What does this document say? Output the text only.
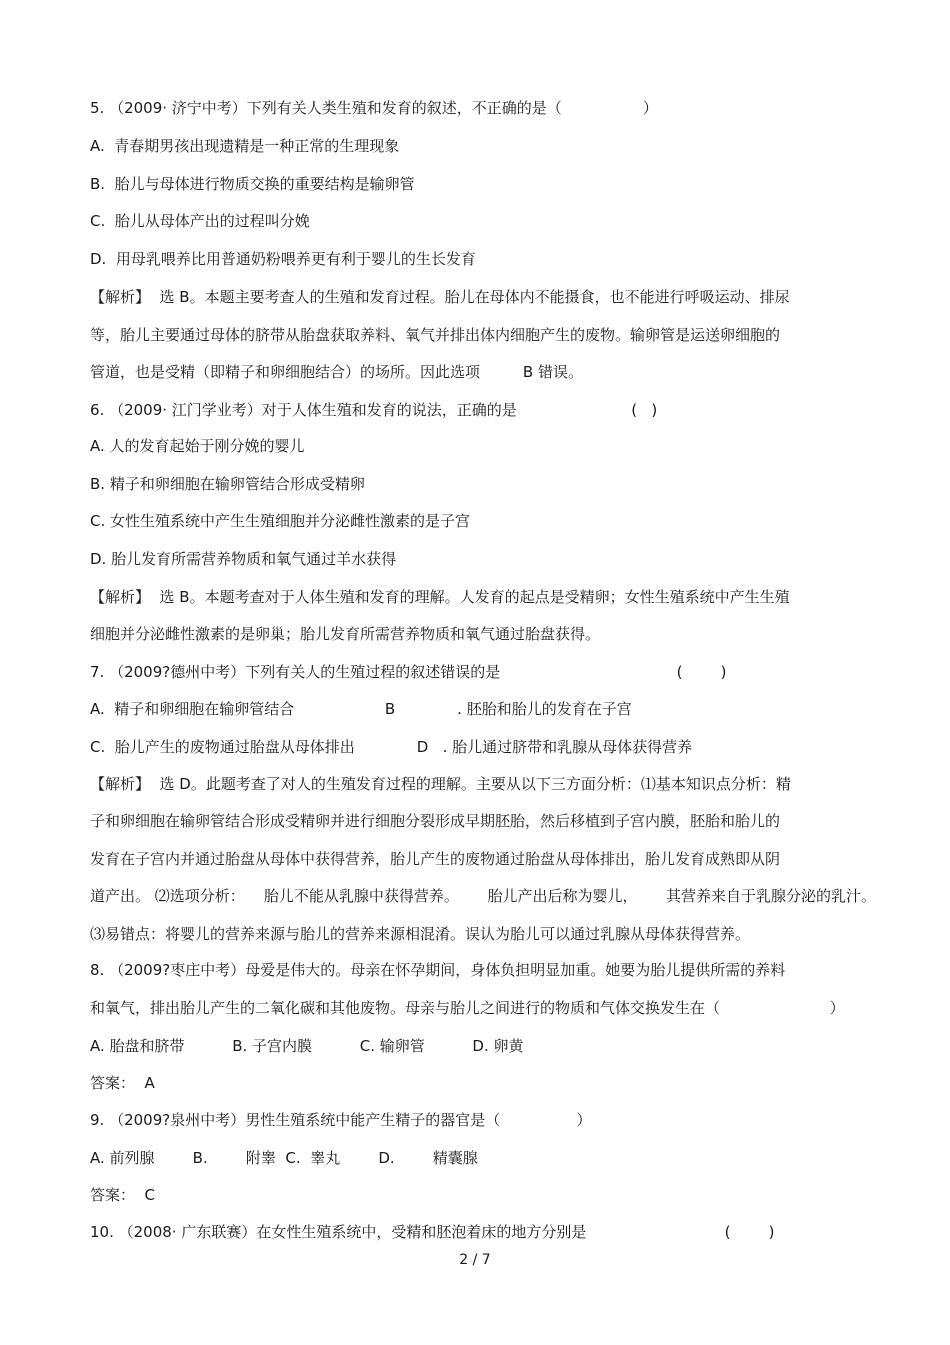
5. （2009· 济宁中考）下列有关人类生殖和发育的叙述，不正确的是（                 ）
A.  青春期男孩出现遗精是一种正常的生理现象
B.  胎儿与母体进行物质交换的重要结构是输卵管
C.  胎儿从母体产出的过程叫分娩
D.  用母乳喂养比用普通奶粉喂养更有利于婴儿的生长发育
【解析】  选 B。本题主要考查人的生殖和发育过程。胎儿在母体内不能摄食，也不能进行呼吸运动、排尿
等，胎儿主要通过母体的脐带从胎盘获取养料、氧气并排出体内细胞产生的废物。输卵管是运送卵细胞的
管道，也是受精（即精子和卵细胞结合）的场所。因此选项         B 错误。
6. （2009· 江门学业考）对于人体生殖和发育的说法，正确的是                        (   )
A. 人的发育起始于刚分娩的婴儿
B. 精子和卵细胞在输卵管结合形成受精卵
C. 女性生殖系统中产生生殖细胞并分泌雌性激素的是子宫
D. 胎儿发育所需营养物质和氧气通过羊水获得
【解析】  选 B。本题考查对于人体生殖和发育的理解。人发育的起点是受精卵；女性生殖系统中产生生殖
细胞并分泌雌性激素的是卵巢；胎儿发育所需营养物质和氧气通过胎盘获得。
7. （2009?德州中考）下列有关人的生殖过程的叙述错误的是                                     (        )
A.  精子和卵细胞在输卵管结合                   B             . 胚胎和胎儿的发育在子宫
C.  胎儿产生的废物通过胎盘从母体排出             D   . 胎儿通过脐带和乳腺从母体获得营养
【解析】  选 D。此题考查了对人的生殖发育过程的理解。主要从以下三方面分析：⑴基本知识点分析：精
子和卵细胞在输卵管结合形成受精卵并进行细胞分裂形成早期胚胎，然后移植到子宫内膜，胚胎和胎儿的
发育在子宫内并通过胎盘从母体中获得营养，胎儿产生的废物通过胎盘从母体排出，胎儿发育成熟即从阴
道产出。 ⑵选项分析：    胎儿不能从乳腺中获得营养。      胎儿产出后称为婴儿，      其营养来自于乳腺分泌的乳汁。
⑶易错点：将婴儿的营养来源与胎儿的营养来源相混淆。误认为胎儿可以通过乳腺从母体获得营养。
8. （2009?枣庄中考）母爱是伟大的。母亲在怀孕期间，身体负担明显加重。她要为胎儿提供所需的养料
和氧气，排出胎儿产生的二氧化碳和其他废物。母亲与胎儿之间进行的物质和气体交换发生在（                       ）
A. 胎盘和脐带          B. 子宫内膜          C. 输卵管          D. 卵黄
答案：  A
9. （2009?泉州中考）男性生殖系统中能产生精子的器官是（                ）
A. 前列腺        B.        附睾  C.  睾丸        D.        精囊腺
答案：  C
10. （2008· 广东联赛）在女性生殖系统中，受精和胚泡着床的地方分别是                             (        )
2 / 7
